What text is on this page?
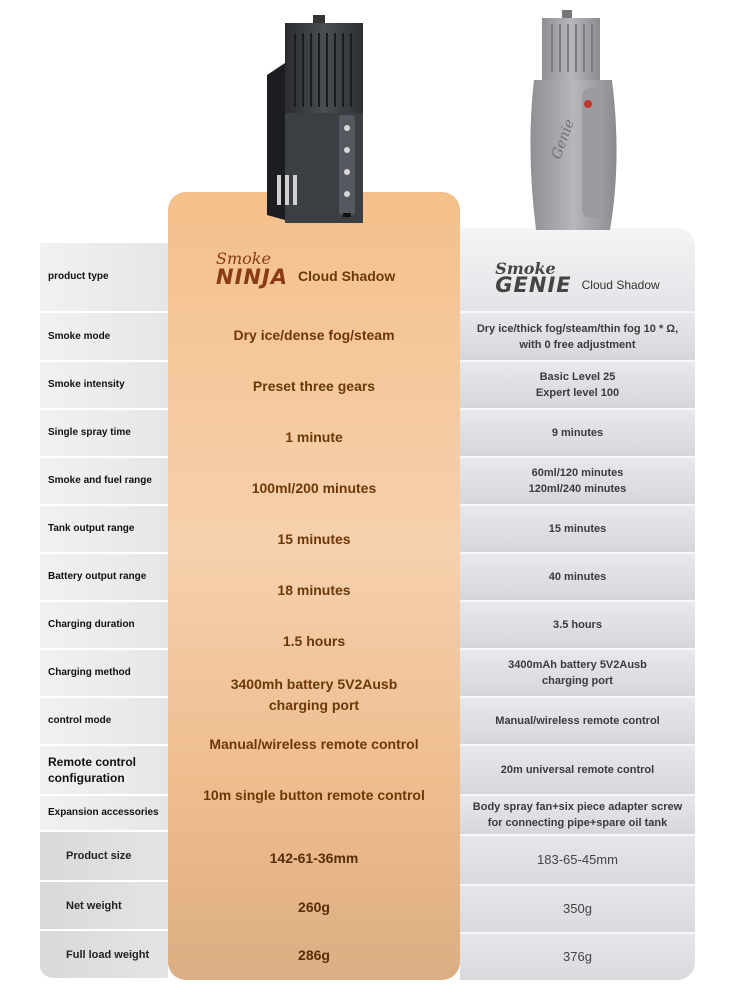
product type
Smoke mode
Smoke intensity
Single spray time
Smoke and fuel range
Tank output range
Battery output range
Charging duration
Charging method
control mode
Remote control configuration
Expansion accessories
Product size
Net weight
Full load weight
Smoke
GENIE Cloud Shadow
Dry ice/thick fog/steam/thin fog 10 * Ω, with 0 free adjustment
Basic Level 25 Expert level 100
9 minutes
60ml/120 minutes 120ml/240 minutes
15 minutes
40 minutes
3.5 hours
3400mAh battery 5V2Ausb charging port
Manual/wireless remote control
20m universal remote control
Body spray fan+six piece adapter screw for connecting pipe+spare oil tank
183-65-45mm
350g
376g
Smoke
NINJA Cloud Shadow
Dry ice/dense fog/steam
Preset three gears
1 minute
100ml/200 minutes
15 minutes
18 minutes
1.5 hours
3400mh battery 5V2Ausb charging port
Manual/wireless remote control
10m single button remote control
142-61-36mm
260g
286g
Genie
